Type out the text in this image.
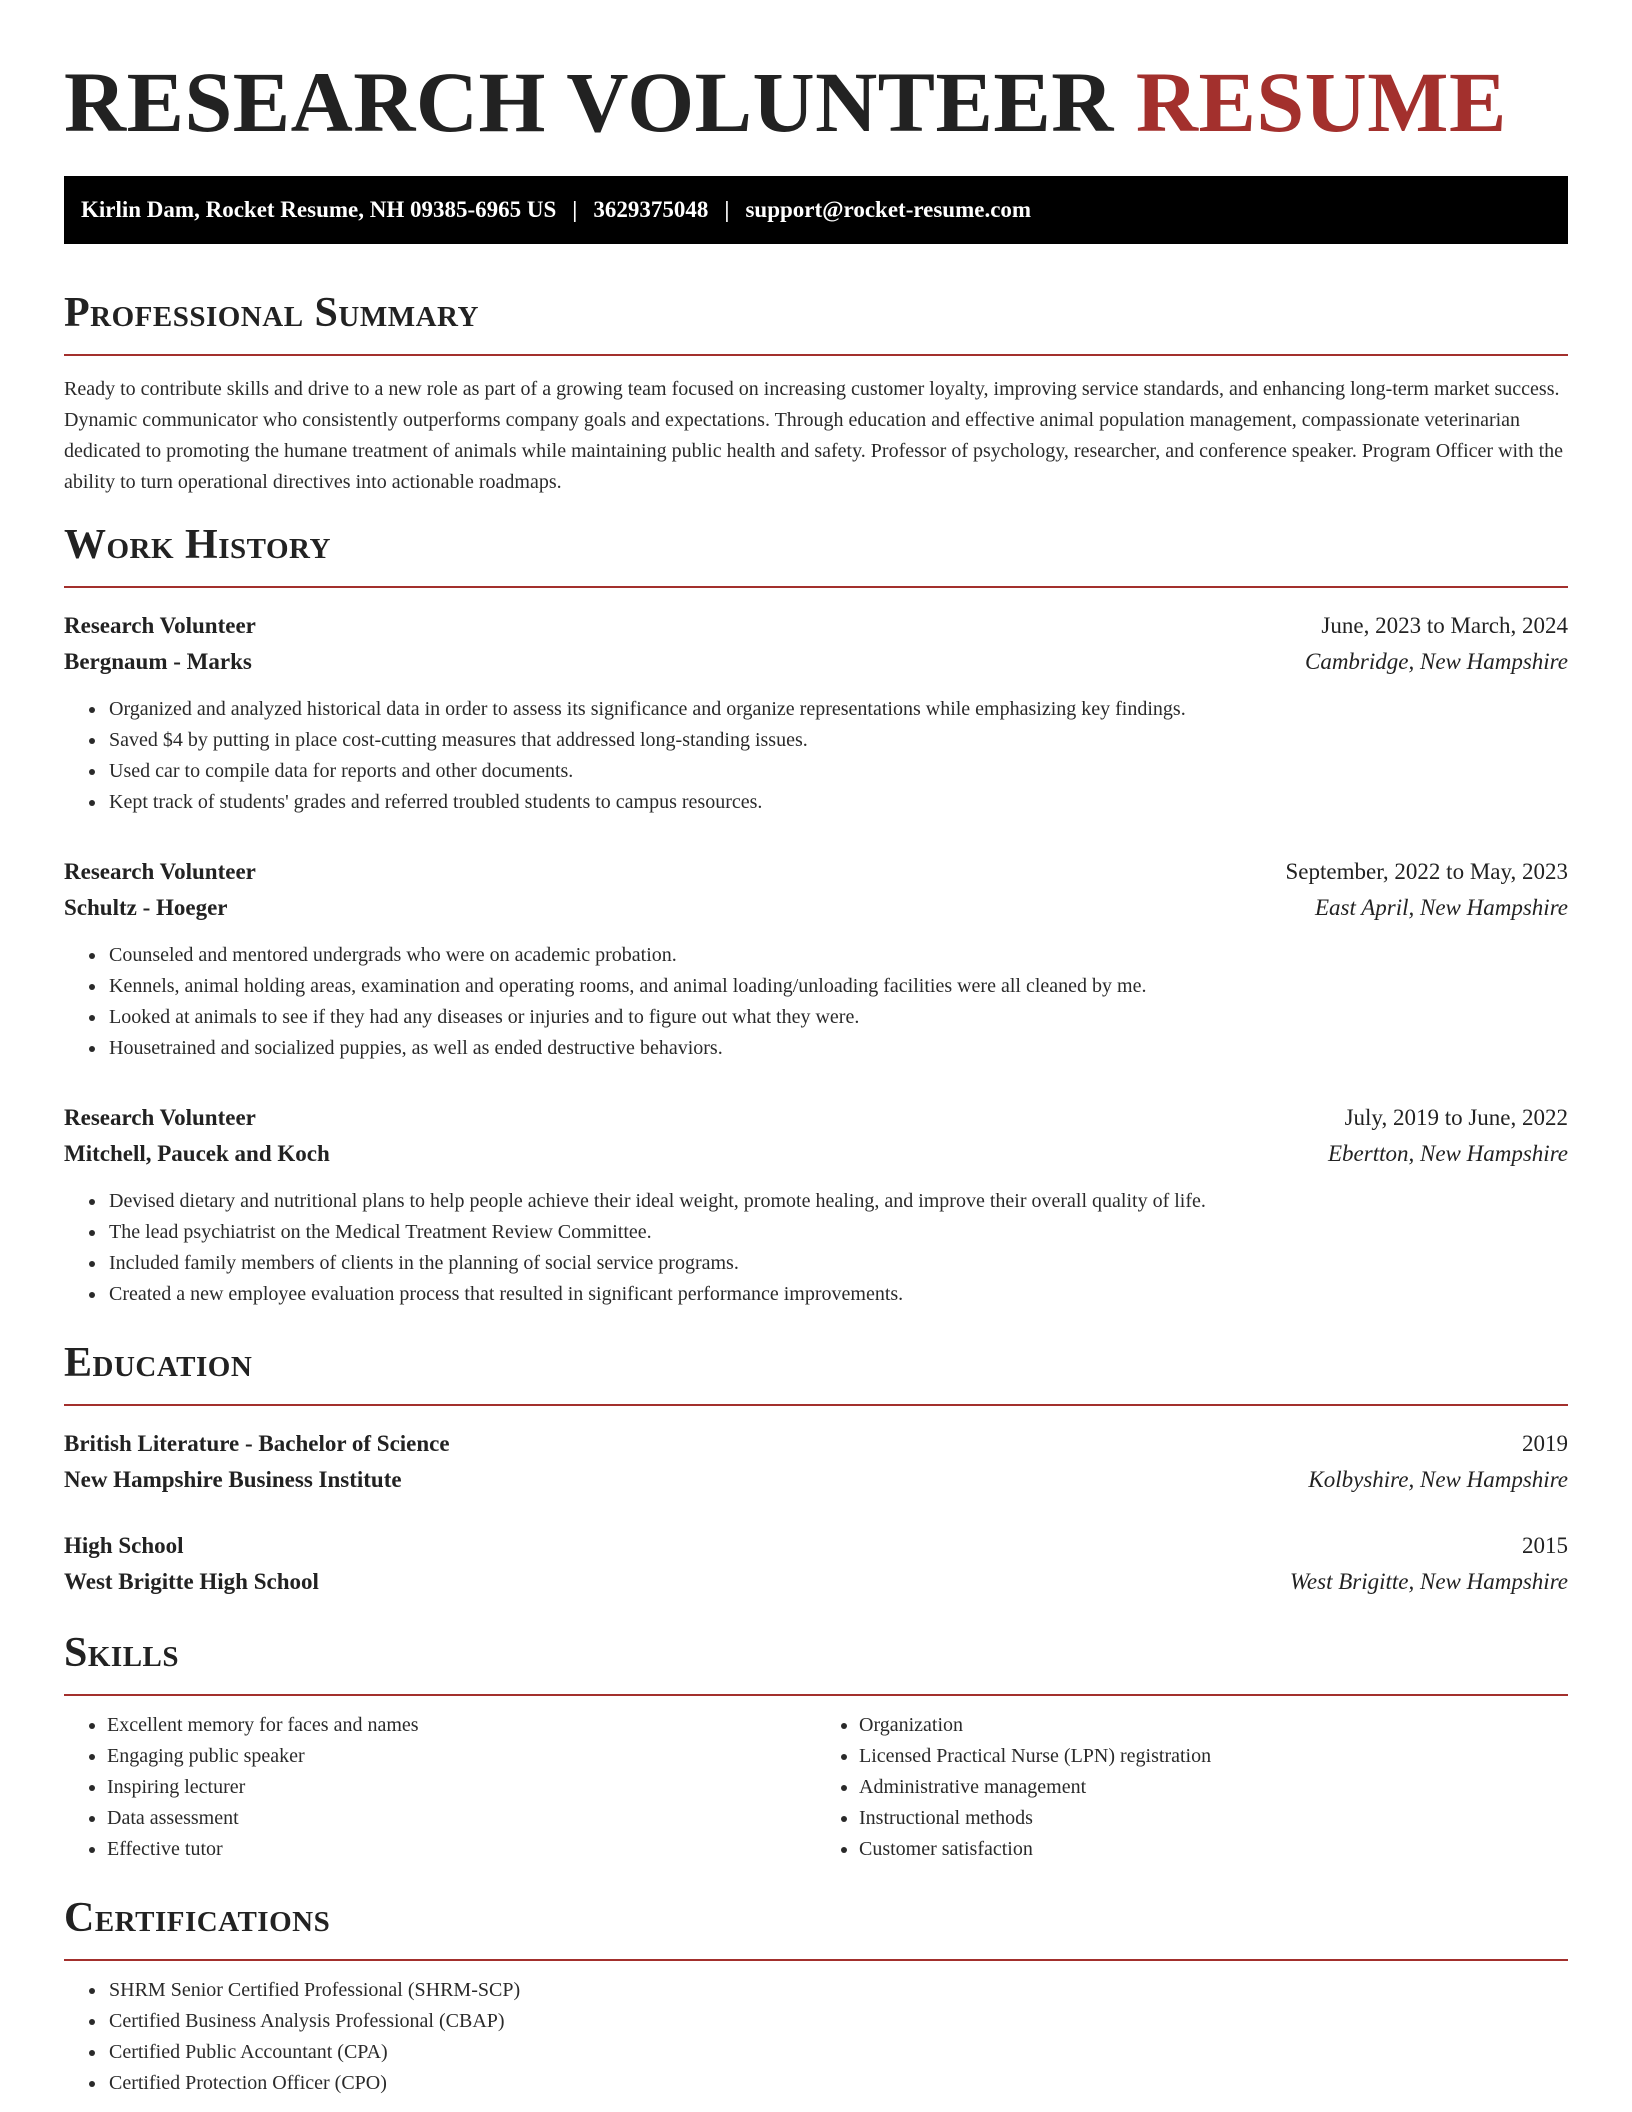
RESEARCH VOLUNTEER RESUME
Kirlin Dam, Rocket Resume, NH 09385-6965 US | 3629375048 | support@rocket-resume.com
Professional Summary

Ready to contribute skills and drive to a new role as part of a growing team focused on increasing customer loyalty, improving service standards, and enhancing long-term market success. Dynamic communicator who consistently outperforms company goals and expectations. Through education and effective animal population management, compassionate veterinarian dedicated to promoting the humane treatment of animals while maintaining public health and safety. Professor of psychology, researcher, and conference speaker. Program Officer with the ability to turn operational directives into actionable roadmaps.

Work History
Research Volunteer	June, 2023 to March, 2024
Bergnaum - Marks	Cambridge, New Hampshire
• Organized and analyzed historical data in order to assess its significance and organize representations while emphasizing key findings.
• Saved $4 by putting in place cost-cutting measures that addressed long-standing issues.
• Used car to compile data for reports and other documents.
• Kept track of students' grades and referred troubled students to campus resources.
Research Volunteer	September, 2022 to May, 2023
Schultz - Hoeger	East April, New Hampshire
• Counseled and mentored undergrads who were on academic probation.
• Kennels, animal holding areas, examination and operating rooms, and animal loading/unloading facilities were all cleaned by me.
• Looked at animals to see if they had any diseases or injuries and to figure out what they were.
• Housetrained and socialized puppies, as well as ended destructive behaviors.
Research Volunteer	July, 2019 to June, 2022
Mitchell, Paucek and Koch	Ebertton, New Hampshire
• Devised dietary and nutritional plans to help people achieve their ideal weight, promote healing, and improve their overall quality of life.
• The lead psychiatrist on the Medical Treatment Review Committee.
• Included family members of clients in the planning of social service programs.
• Created a new employee evaluation process that resulted in significant performance improvements.
Education
British Literature - Bachelor of Science	2019
New Hampshire Business Institute	Kolbyshire, New Hampshire
High School	2015
West Brigitte High School	West Brigitte, New Hampshire
Skills
• Excellent memory for faces and names
• Engaging public speaker
• Inspiring lecturer
• Data assessment
• Effective tutor
• Organization
• Licensed Practical Nurse (LPN) registration
• Administrative management
• Instructional methods
• Customer satisfaction
Certifications
• SHRM Senior Certified Professional (SHRM-SCP)
• Certified Business Analysis Professional (CBAP)
• Certified Public Accountant (CPA)
• Certified Protection Officer (CPO)
